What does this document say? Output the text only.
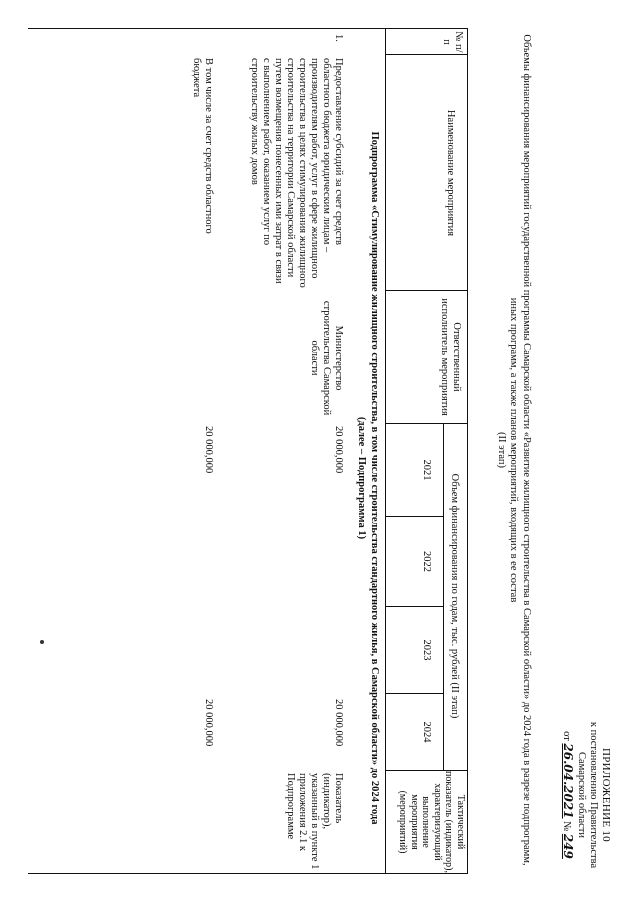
ПРИЛОЖЕНИЕ 10
к постановлению Правительства
Самарской области
от 26.04.2021 № 249
Объемы финансирования мероприятий государственной программы Самарской области «Развитие жилищного строительства в Самарской области» до 2024 года в разрезе подпрограмм,
иных программ, а также планов мероприятий, входящих в ее состав
(II этап)
№ п/п
Наименование мероприятия
Ответственный исполнитель мероприятия
Объем финансирования по годам, тыс. рублей (II этап)
2021
2022
2023
2024
Тактический показатель (индикатор), характеризующий выполнение мероприятия (мероприятий)
Подпрограмма «Стимулирование жилищного строительства, в том числе строительства стандартного жилья, в Самарской области» до 2024 года
(далее – Подпрограмма 1)
1.
Предоставление субсидий за счет средств областного бюджета юридическим лицам – производителям работ, услуг в сфере жилищного строительства в целях стимулирования жилищного строительства на территории Самарской области путем возмещения понесенных ими затрат в связи с выполнением работ, оказанием услуг по строительству жилых домов
Министерство строительства Самарской области
20 000,000
Показатель (индикатор), указанный в пункте 1 приложения 2.1 к Подпрограмме
В том числе за счет средств областного бюджета
20 000,000
20 000,000
20 000,000
